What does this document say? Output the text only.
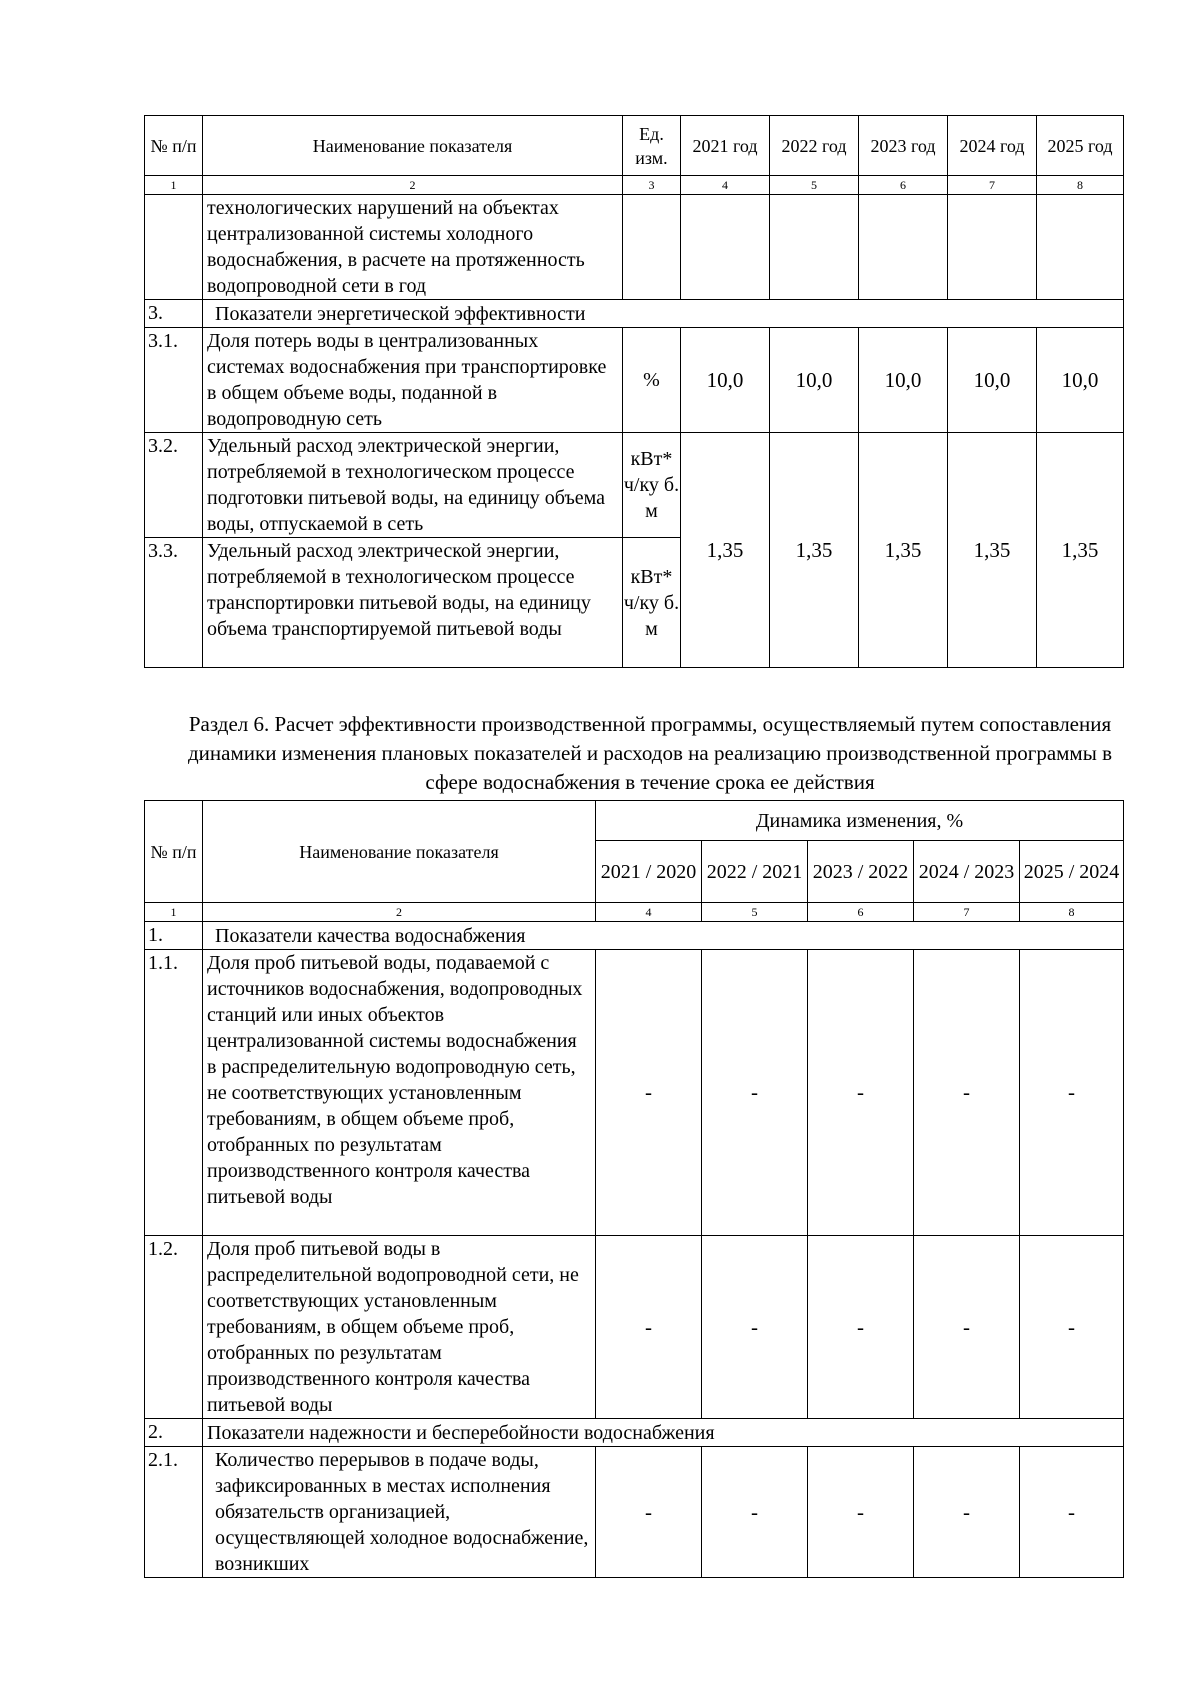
№ п/п	Наименование показателя	Ед. изм.	2021 год	2022 год	2023 год	2024 год	2025 год
1	2	3	4	5	6	7	8
	технологических нарушений на объектах централизованной системы холодного водоснабжения, в расчете на протяженность водопроводной сети в год						
3.	Показатели энергетической эффективности						
3.1.	Доля потерь воды в централизованных системах водоснабжения при транспортировке в общем объеме воды, поданной в водопроводную сеть	%	10,0	10,0	10,0	10,0	10,0
3.2.	Удельный расход электрической энергии, потребляемой в технологическом процессе подготовки питьевой воды, на единицу объема воды, отпускаемой в сеть	кВт* ч/ку б. м	1,35	1,35	1,35	1,35	1,35
3.3.	Удельный расход электрической энергии, потребляемой в технологическом процессе транспортировки питьевой воды, на единицу объема транспортируемой питьевой воды	кВт* ч/ку б. м					
Раздел 6. Расчет эффективности производственной программы, осуществляемый путем сопоставления динамики изменения плановых показателей и расходов на реализацию производственной программы в сфере водоснабжения в течение срока ее действия
№ п/п	Наименование показателя	Динамика изменения, %				
		2021 / 2020	2022 / 2021	2023 / 2022	2024 / 2023	2025 / 2024
1	2	4	5	6	7	8
1.	Показатели качества водоснабжения					
1.1.	Доля проб питьевой воды, подаваемой с источников водоснабжения, водопроводных станций или иных объектов централизованной системы водоснабжения в распределительную водопроводную сеть, не соответствующих установленным требованиям, в общем объеме проб, отобранных по результатам производственного контроля качества питьевой воды	-	-	-	-	-
1.2.	Доля проб питьевой воды в распределительной водопроводной сети, не соответствующих установленным требованиям, в общем объеме проб, отобранных по результатам производственного контроля качества питьевой воды	-	-	-	-	-
2.	Показатели надежности и бесперебойности водоснабжения					
2.1.	Количество перерывов в подаче воды, зафиксированных в местах исполнения обязательств организацией, осуществляющей холодное водоснабжение, возникших	-	-	-	-	-
